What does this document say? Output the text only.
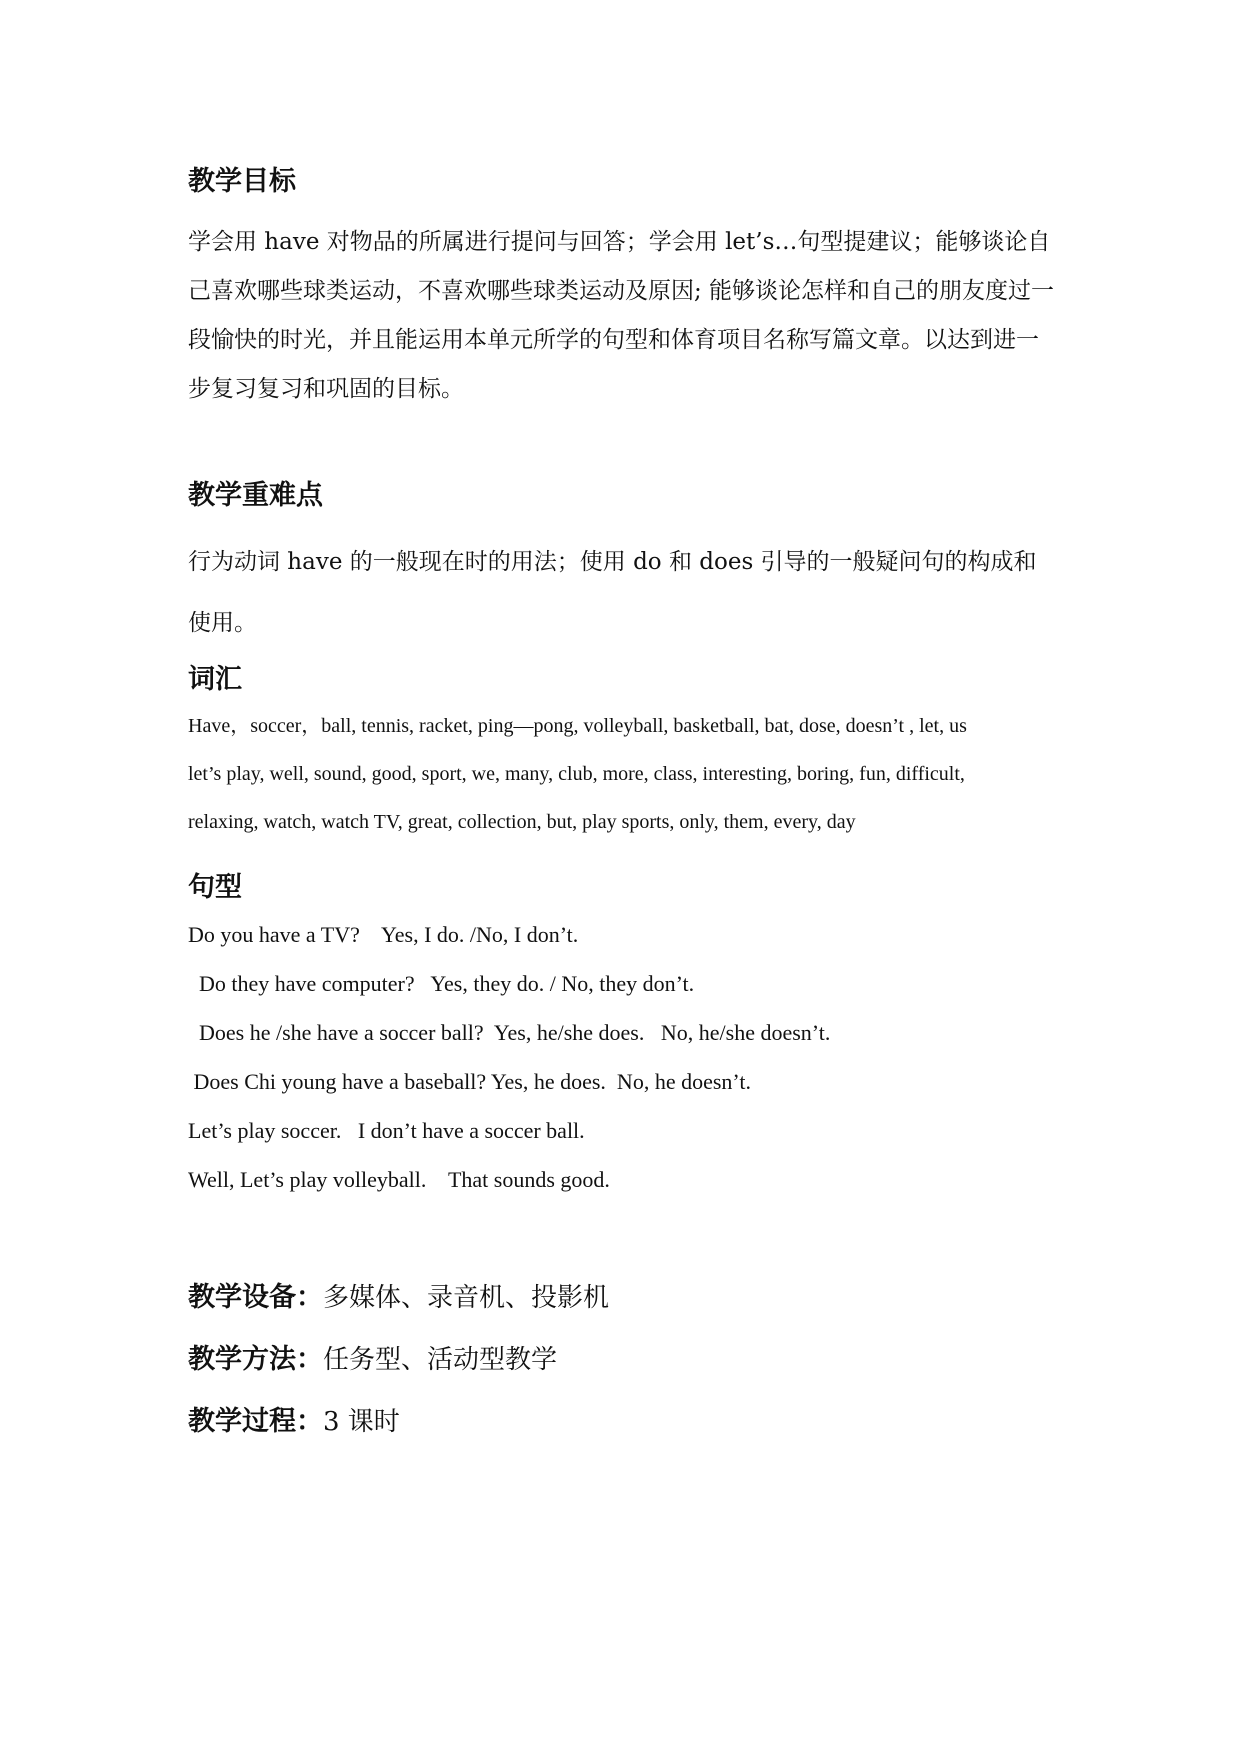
教学目标

学会用 have 对物品的所属进行提问与回答；学会用 let’s…句型提建议；能够谈论自己喜欢哪些球类运动，不喜欢哪些球类运动及原因; 能够谈论怎样和自己的朋友度过一段愉快的时光，并且能运用本单元所学的句型和体育项目名称写篇文章。以达到进一步复习复习和巩固的目标。

教学重难点

行为动词 have 的一般现在时的用法；使用 do 和 does 引导的一般疑问句的构成和使用。

词汇

Have，soccer，ball, tennis, racket, ping—pong, volleyball, basketball, bat, dose, doesn’t , let, us

let’s play, well, sound, good, sport, we, many, club, more, class, interesting, boring, fun, difficult,

relaxing, watch, watch TV, great, collection, but, play sports, only, them, every, day

句型

Do you have a TV?    Yes, I do. /No, I don’t.

Do they have computer?   Yes, they do. / No, they don’t.

Does he /she have a soccer ball?  Yes, he/she does.   No, he/she doesn’t.

Does Chi young have a baseball? Yes, he does.  No, he doesn’t.

Let’s play soccer.   I don’t have a soccer ball.

Well, Let’s play volleyball.    That sounds good.

教学设备：多媒体、录音机、投影机

教学方法：任务型、活动型教学

教学过程：3 课时
